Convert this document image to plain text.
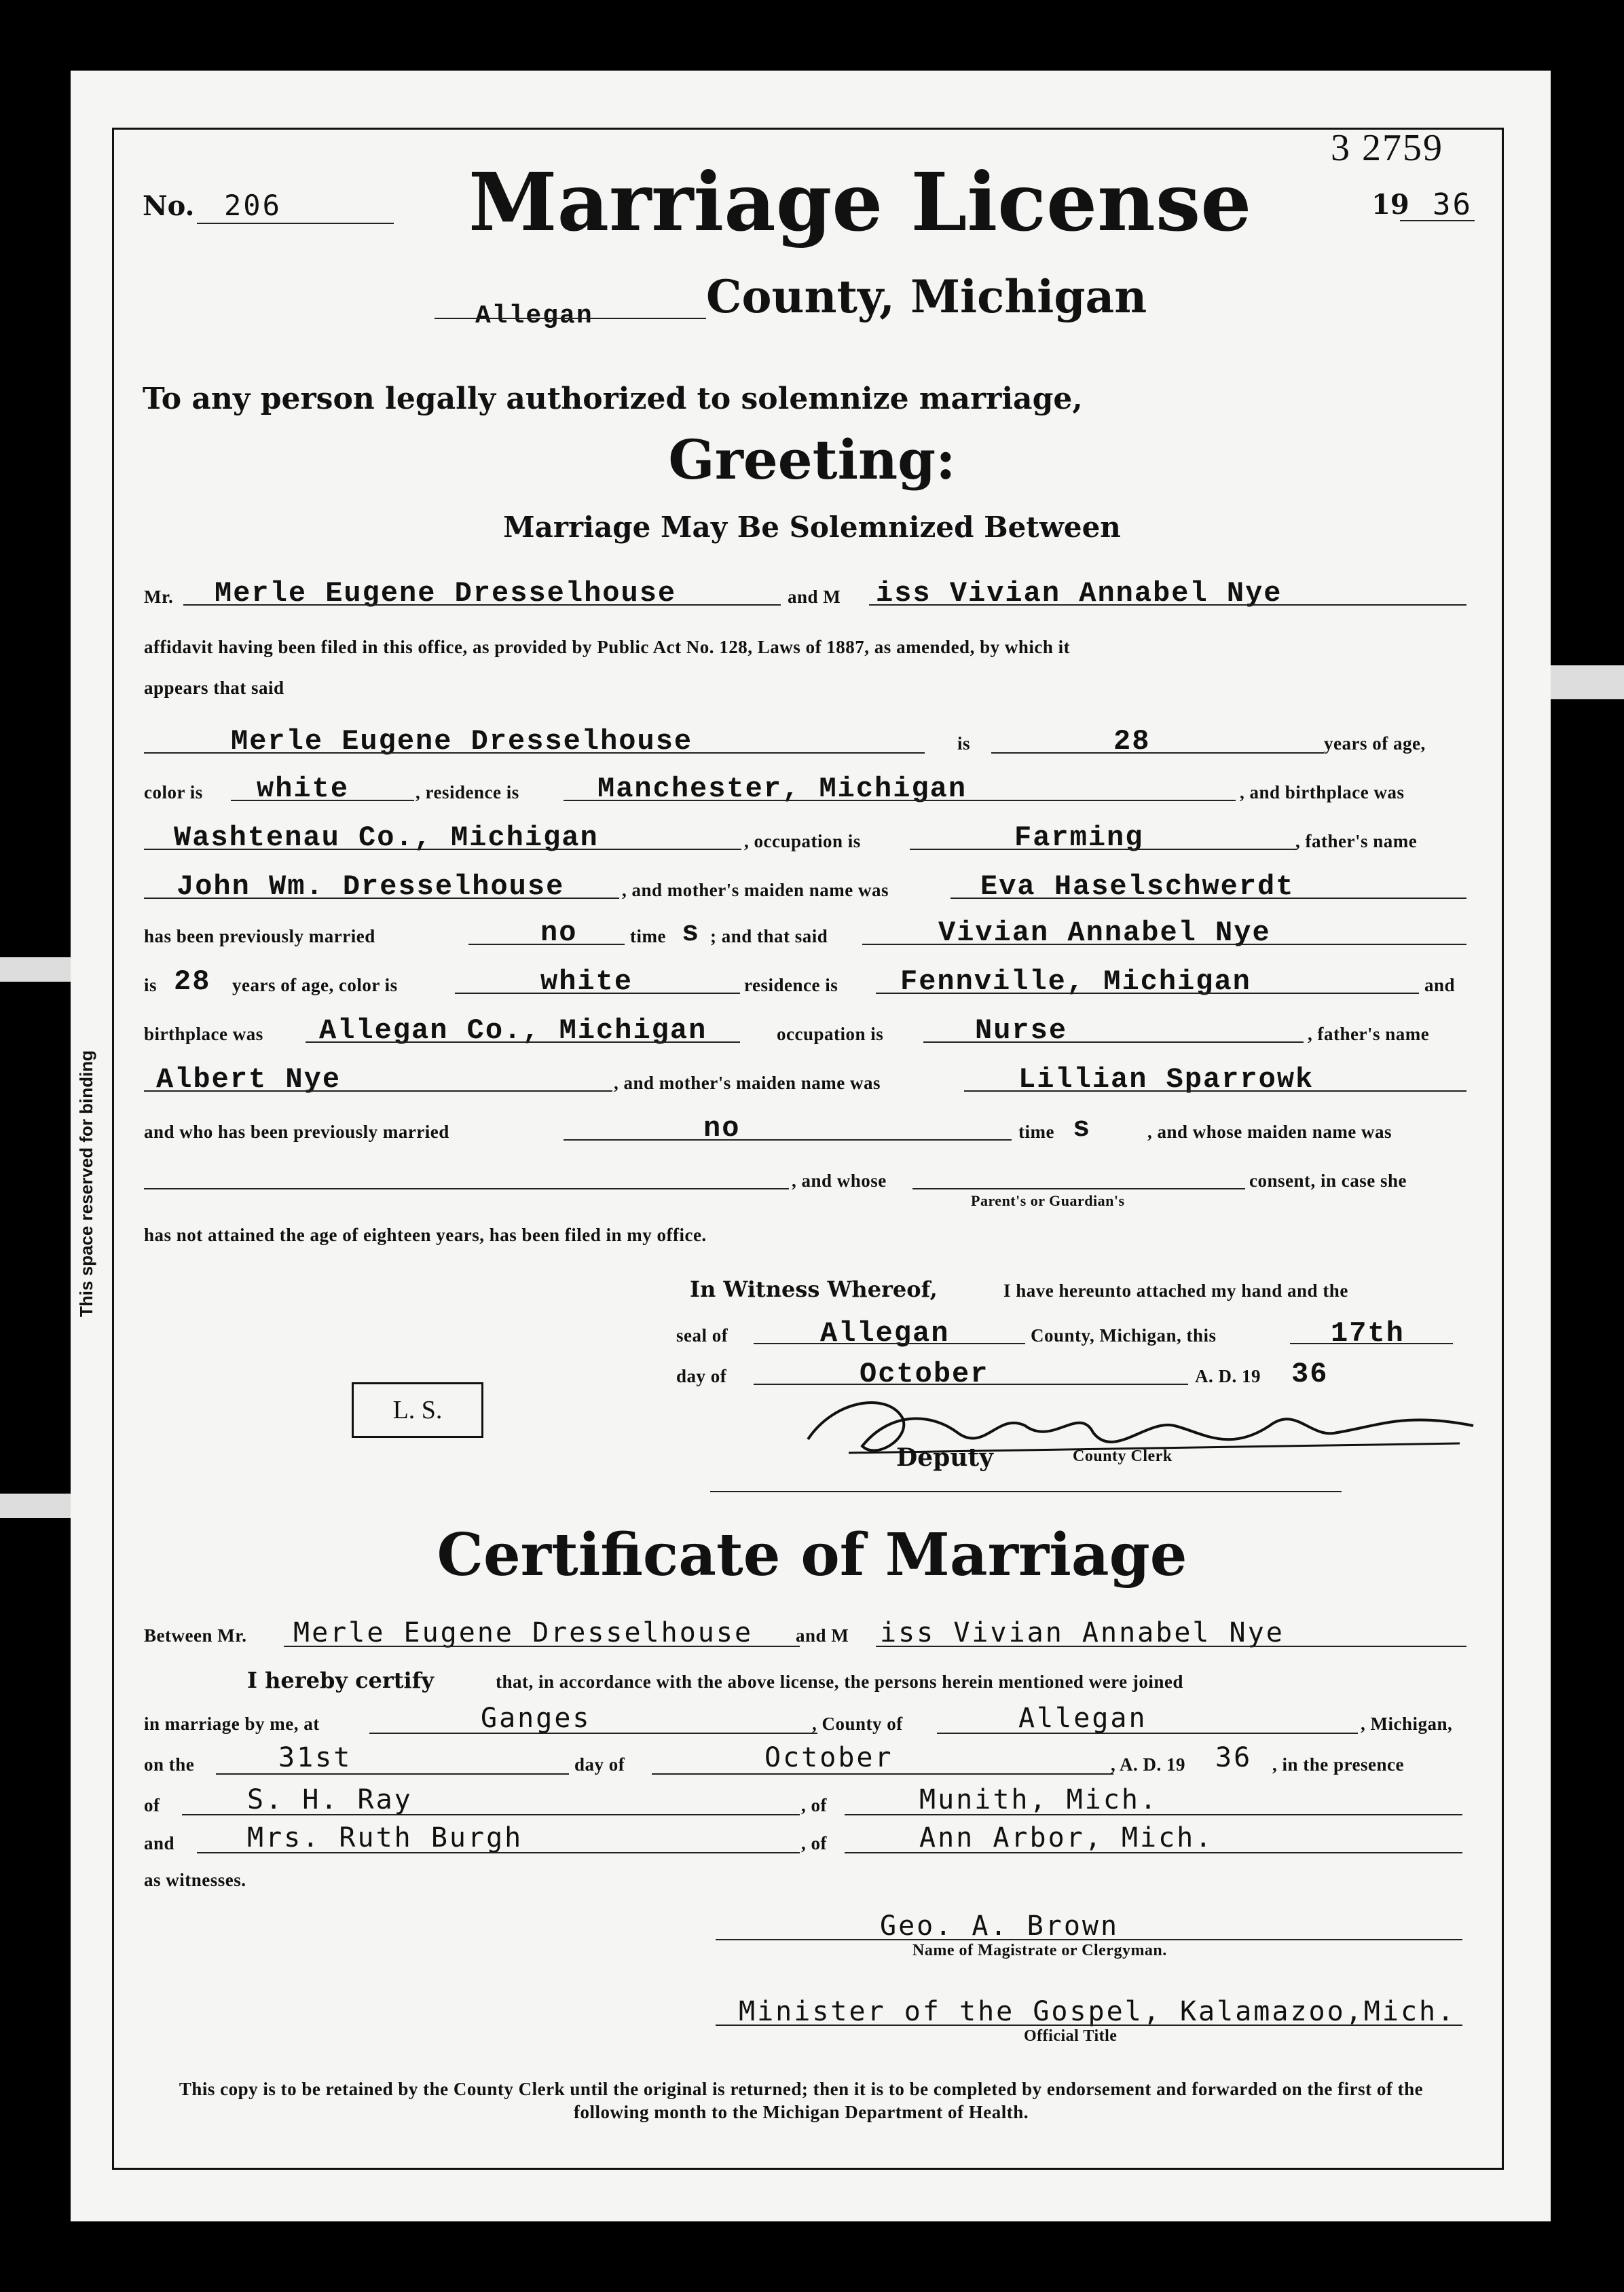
This space reserved for binding
3 2759
No. 206 Marriage License	19 36
Allegan	County, Michigan
To any person legally authorized to solemnize marriage,
Greeting:
Marriage May Be Solemnized Between
Mr. Merle Eugene Dresselhouse	and M iss Vivian Annabel Nye
affidavit having been filed in this office, as provided by Public Act No. 128, Laws of 1887, as amended, by which it
appears that said
Merle Eugene Dresselhouse	is	28	years of age,
color is white	, residence is	Manchester, Michigan	, and birthplace was
Washtenau Co., Michigan	, occupation is	Farming	, father's name
John Wm. Dresselhouse	, and mother's maiden name was	Eva Haselschwerdt
has been previously married	no	time s ; and that said	Vivian Annabel Nye
is 28 years of age, color is	white	residence is Fennville, Michigan	and
birthplace was Allegan Co., Michigan	occupation is	Nurse	, father's name
Albert Nye	, and mother's maiden name was	Lillian Sparrowk
and who has been previously married	no	time s	, and whose maiden name was
, and whose	consent, in case she
Parent's or Guardian's
has not attained the age of eighteen years, has been filed in my office.
In Witness Whereof,	I have hereunto attached my hand and the
seal of	Allegan	County, Michigan, this	17th
day of	October	A. D. 19 36
L. S.
Deputy	County Clerk
Certificate of Marriage
Between Mr. Merle Eugene Dresselhouse and M iss Vivian Annabel Nye
I hereby certify	that, in accordance with the above license, the persons herein mentioned were joined
in marriage by me, at	Ganges	, County of	Allegan	, Michigan,
on the	31st	day of	October	, A. D. 19 36 , in the presence
of	S. H. Ray	, of	Munith, Mich.
and	Mrs. Ruth Burgh	, of	Ann Arbor, Mich.
as witnesses.
Geo. A. Brown
Name of Magistrate or Clergyman.
Minister of the Gospel, Kalamazoo,Mich.
Official Title
This copy is to be retained by the County Clerk until the original is returned; then it is to be completed by endorsement and forwarded on the first of the following month to the Michigan Department of Health.
